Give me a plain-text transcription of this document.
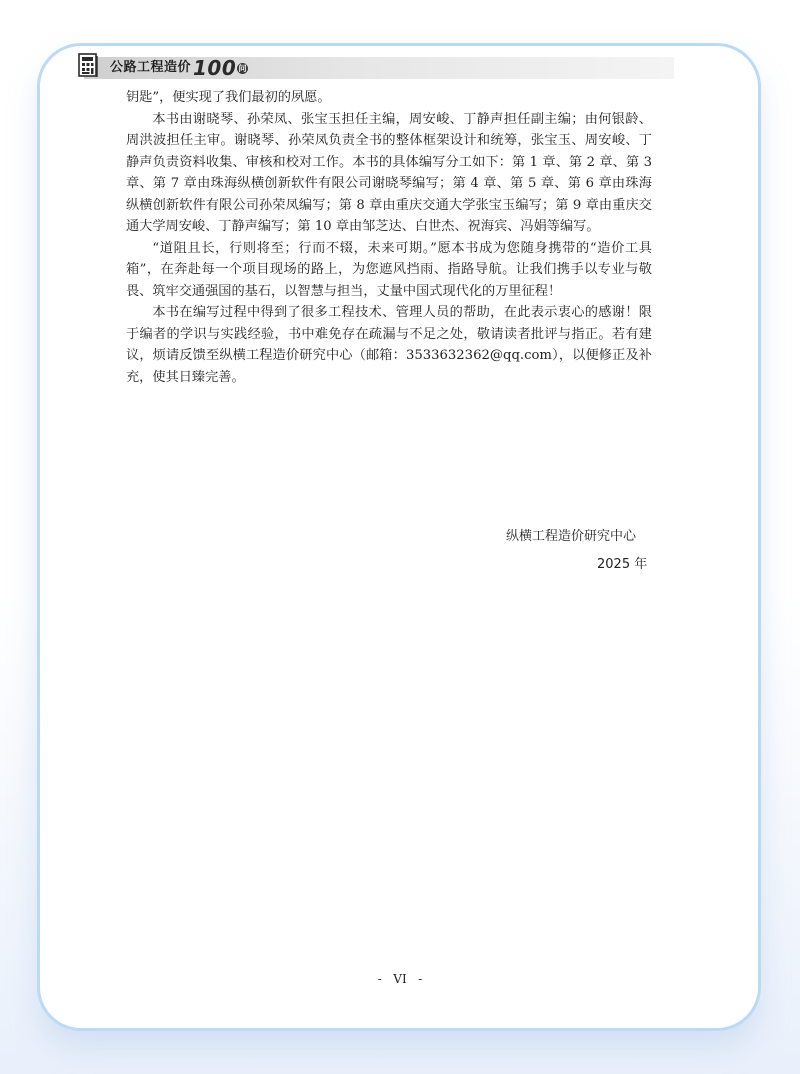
公路工程造价 100 问

钥匙”，便实现了我们最初的夙愿。

本书由谢晓琴、孙荣凤、张宝玉担任主编，周安峻、丁静声担任副主编；由何银龄、周洪波担任主审。谢晓琴、孙荣凤负责全书的整体框架设计和统筹，张宝玉、周安峻、丁静声负责资料收集、审核和校对工作。本书的具体编写分工如下：第 1 章、第 2 章、第 3 章、第 7 章由珠海纵横创新软件有限公司谢晓琴编写；第 4 章、第 5 章、第 6 章由珠海纵横创新软件有限公司孙荣凤编写；第 8 章由重庆交通大学张宝玉编写；第 9 章由重庆交通大学周安峻、丁静声编写；第 10 章由邹芝达、白世杰、祝海宾、冯娟等编写。

“道阻且长，行则将至；行而不辍，未来可期。”愿本书成为您随身携带的“造价工具箱”，在奔赴每一个项目现场的路上，为您遮风挡雨、指路导航。让我们携手以专业与敬畏、筑牢交通强国的基石，以智慧与担当，丈量中国式现代化的万里征程！

本书在编写过程中得到了很多工程技术、管理人员的帮助，在此表示衷心的感谢！限于编者的学识与实践经验，书中难免存在疏漏与不足之处，敬请读者批评与指正。若有建议，烦请反馈至纵横工程造价研究中心（邮箱：3533632362@qq.com），以便修正及补充，使其日臻完善。

纵横工程造价研究中心
2025 年
-   VI   -
